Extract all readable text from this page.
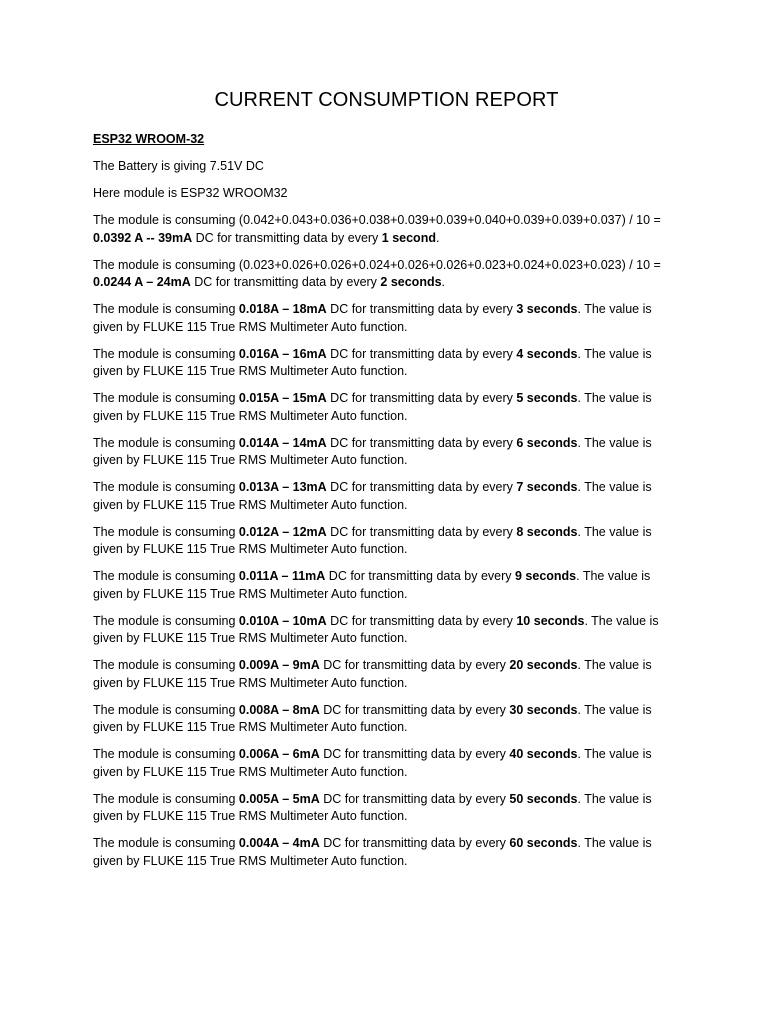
CURRENT CONSUMPTION REPORT
ESP32 WROOM-32

The Battery is giving 7.51V DC

Here module is ESP32 WROOM32

The module is consuming (0.042+0.043+0.036+0.038+0.039+0.039+0.040+0.039+0.039+0.037) / 10 = 0.0392 A -- 39mA DC for transmitting data by every 1 second.

The module is consuming (0.023+0.026+0.026+0.024+0.026+0.026+0.023+0.024+0.023+0.023) / 10 = 0.0244 A – 24mA DC for transmitting data by every 2 seconds.

The module is consuming 0.018A – 18mA DC for transmitting data by every 3 seconds. The value is given by FLUKE 115 True RMS Multimeter Auto function.

The module is consuming 0.016A – 16mA DC for transmitting data by every 4 seconds. The value is given by FLUKE 115 True RMS Multimeter Auto function.

The module is consuming 0.015A – 15mA DC for transmitting data by every 5 seconds. The value is given by FLUKE 115 True RMS Multimeter Auto function.

The module is consuming 0.014A – 14mA DC for transmitting data by every 6 seconds. The value is given by FLUKE 115 True RMS Multimeter Auto function.

The module is consuming 0.013A – 13mA DC for transmitting data by every 7 seconds. The value is given by FLUKE 115 True RMS Multimeter Auto function.

The module is consuming 0.012A – 12mA DC for transmitting data by every 8 seconds. The value is given by FLUKE 115 True RMS Multimeter Auto function.

The module is consuming 0.011A – 11mA DC for transmitting data by every 9 seconds. The value is given by FLUKE 115 True RMS Multimeter Auto function.

The module is consuming 0.010A – 10mA DC for transmitting data by every 10 seconds. The value is given by FLUKE 115 True RMS Multimeter Auto function.

The module is consuming 0.009A – 9mA DC for transmitting data by every 20 seconds. The value is given by FLUKE 115 True RMS Multimeter Auto function.

The module is consuming 0.008A – 8mA DC for transmitting data by every 30 seconds. The value is given by FLUKE 115 True RMS Multimeter Auto function.

The module is consuming 0.006A – 6mA DC for transmitting data by every 40 seconds. The value is given by FLUKE 115 True RMS Multimeter Auto function.

The module is consuming 0.005A – 5mA DC for transmitting data by every 50 seconds. The value is given by FLUKE 115 True RMS Multimeter Auto function.

The module is consuming 0.004A – 4mA DC for transmitting data by every 60 seconds. The value is given by FLUKE 115 True RMS Multimeter Auto function.
